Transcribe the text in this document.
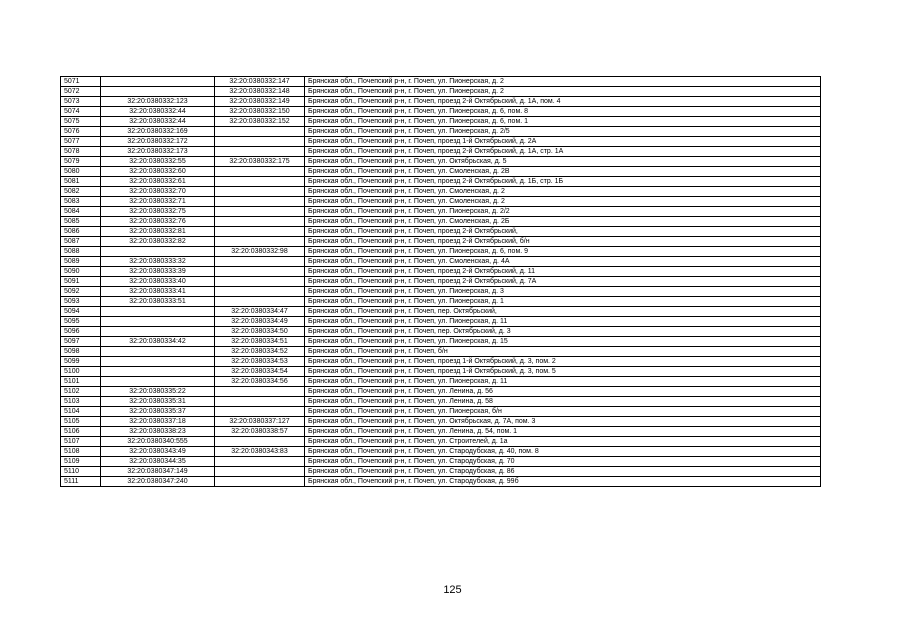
5071		32:20:0380332:147	Брянская обл., Почепский р-н, г. Почеп, ул. Пионерская, д. 2
5072		32:20:0380332:148	Брянская обл., Почепский р-н, г. Почеп, ул. Пионерская, д. 2
5073	32:20:0380332:123	32:20:0380332:149	Брянская обл., Почепский р-н, г. Почеп, проезд 2-й Октябрьский, д. 1А, пом. 4
5074	32:20:0380332:44	32:20:0380332:150	Брянская обл., Почепский р-н, г. Почеп, ул. Пионерская, д. 6, пом. 8
5075	32:20:0380332:44	32:20:0380332:152	Брянская обл., Почепский р-н, г. Почеп, ул. Пионерская, д. 6, пом. 1
5076	32:20:0380332:169		Брянская обл., Почепский р-н, г. Почеп, ул. Пионерская, д. 2/5
5077	32:20:0380332:172		Брянская обл., Почепский р-н, г. Почеп, проезд 1-й Октябрьский, д. 2А
5078	32:20:0380332:173		Брянская обл., Почепский р-н, г. Почеп, проезд 2-й Октябрьский, д. 1А, стр. 1А
5079	32:20:0380332:55	32:20:0380332:175	Брянская обл., Почепский р-н, г. Почеп, ул. Октябрьская, д. 5
5080	32:20:0380332:60		Брянская обл., Почепский р-н, г. Почеп, ул. Смоленская, д. 2В
5081	32:20:0380332:61		Брянская обл., Почепский р-н, г. Почеп, проезд 2-й Октябрьский, д. 1Б, стр. 1Б
5082	32:20:0380332:70		Брянская обл., Почепский р-н, г. Почеп, ул. Смоленская, д. 2
5083	32:20:0380332:71		Брянская обл., Почепский р-н, г. Почеп, ул. Смоленская, д. 2
5084	32:20:0380332:75		Брянская обл., Почепский р-н, г. Почеп, ул. Пионерская, д. 2/2
5085	32:20:0380332:76		Брянская обл., Почепский р-н, г. Почеп, ул. Смоленская, д. 2Б
5086	32:20:0380332:81		Брянская обл., Почепский р-н, г. Почеп, проезд 2-й Октябрьский,
5087	32:20:0380332:82		Брянская обл., Почепский р-н, г. Почеп, проезд 2-й Октябрьский, б/н
5088		32:20:0380332:98	Брянская обл., Почепский р-н, г. Почеп, ул. Пионерская, д. 6, пом. 9
5089	32:20:0380333:32		Брянская обл., Почепский р-н, г. Почеп, ул. Смоленская, д. 4А
5090	32:20:0380333:39		Брянская обл., Почепский р-н, г. Почеп, проезд 2-й Октябрьский, д. 11
5091	32:20:0380333:40		Брянская обл., Почепский р-н, г. Почеп, проезд 2-й Октябрьский, д. 7А
5092	32:20:0380333:41		Брянская обл., Почепский р-н, г. Почеп, ул. Пионерская, д. 3
5093	32:20:0380333:51		Брянская обл., Почепский р-н, г. Почеп, ул. Пионерская, д. 1
5094		32:20:0380334:47	Брянская обл., Почепский р-н, г. Почеп, пер. Октябрьский,
5095		32:20:0380334:49	Брянская обл., Почепский р-н, г. Почеп, ул. Пионерская, д. 11
5096		32:20:0380334:50	Брянская обл., Почепский р-н, г. Почеп, пер. Октябрьский, д. 3
5097	32:20:0380334:42	32:20:0380334:51	Брянская обл., Почепский р-н, г. Почеп, ул. Пионерская, д. 15
5098		32:20:0380334:52	Брянская обл., Почепский р-н, г. Почеп, б/н
5099		32:20:0380334:53	Брянская обл., Почепский р-н, г. Почеп, проезд 1-й Октябрьский, д. 3, пом. 2
5100		32:20:0380334:54	Брянская обл., Почепский р-н, г. Почеп, проезд 1-й Октябрьский, д. 3, пом. 5
5101		32:20:0380334:56	Брянская обл., Почепский р-н, г. Почеп, ул. Пионерская, д. 11
5102	32:20:0380335:22		Брянская обл., Почепский р-н, г. Почеп, ул. Ленина, д. 56
5103	32:20:0380335:31		Брянская обл., Почепский р-н, г. Почеп, ул. Ленина, д. 58
5104	32:20:0380335:37		Брянская обл., Почепский р-н, г. Почеп, ул. Пионерская, б/н
5105	32:20:0380337:18	32:20:0380337:127	Брянская обл., Почепский р-н, г. Почеп, ул. Октябрьская, д. 7А, пом. 3
5106	32:20:0380338:23	32:20:0380338:57	Брянская обл., Почепский р-н, г. Почеп, ул. Ленина, д. 54, пом. 1
5107	32:20:0380340:555		Брянская обл., Почепский р-н, г. Почеп, ул. Строителей, д. 1а
5108	32:20:0380343:49	32:20:0380343:83	Брянская обл., Почепский р-н, г. Почеп, ул. Стародубская, д. 40, пом. 8
5109	32:20:0380344:35		Брянская обл., Почепский р-н, г. Почеп, ул. Стародубская, д. 70
5110	32:20:0380347:149		Брянская обл., Почепский р-н, г. Почеп, ул. Стародубская, д. 86
5111	32:20:0380347:240		Брянская обл., Почепский р-н, г. Почеп, ул. Стародубская, д. 99б
125
